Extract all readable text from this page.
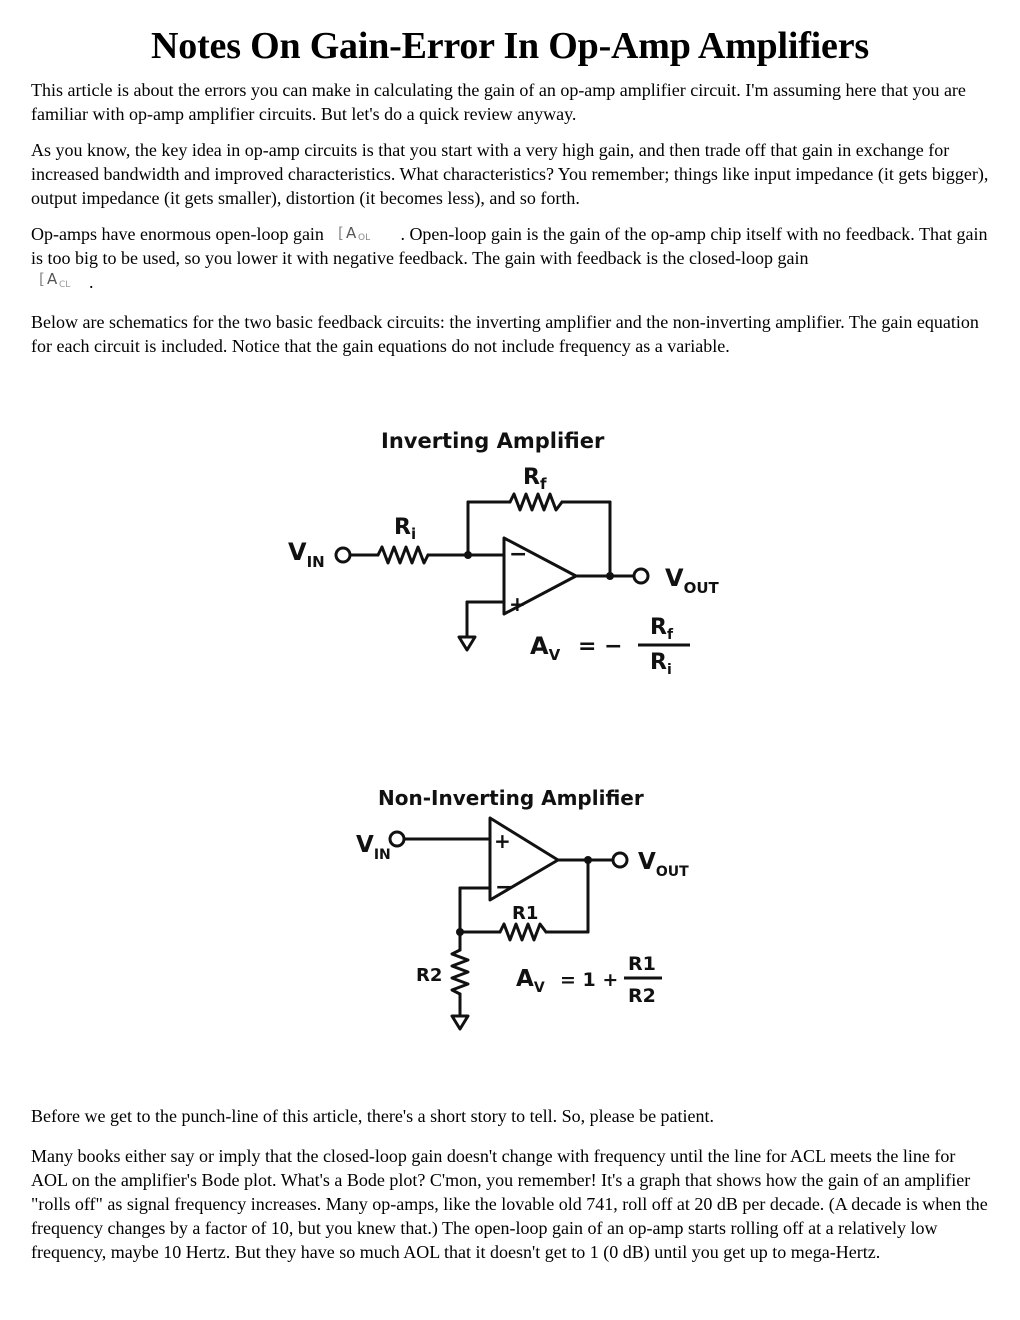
Notes On Gain-Error In Op-Amp Amplifiers

This article is about the errors you can make in calculating the gain of an op-amp amplifier circuit. I'm assuming here that you are familiar with op-amp amplifier circuits. But let's do a quick review anyway.

As you know, the key idea in op-amp circuits is that you start with a very high gain, and then trade off that gain in exchange for increased bandwidth and improved characteristics. What characteristics? You remember; things like input impedance (it gets bigger), output impedance (it gets smaller), distortion (it becomes less), and so forth.

Op-amps have enormous open-loop gain [ A OL . Open-loop gain is the gain of the op-amp chip itself with no feedback. That gain is too big to be used, so you lower it with negative feedback. The gain with feedback is the closed-loop gain

[ A CL .

Below are schematics for the two basic feedback circuits: the inverting amplifier and the non-inverting amplifier. The gain equation for each circuit is included. Notice that the gain equations do not include frequency as a variable.

Inverting Amplifier
$R_f$
$R_i$
$V_{IN}$	−
+
$V_{OUT}$
$A_V$ = −
$R_f$
$R_i$
Non-Inverting Amplifier
$V_{IN}$
+
−
$V_{OUT}$
R1
R2	$A_V = 1$ +
R1
R2

Before we get to the punch-line of this article, there's a short story to tell. So, please be patient.

Many books either say or imply that the closed-loop gain doesn't change with frequency until the line for ACL meets the line for AOL on the amplifier's Bode plot. What's a Bode plot? C'mon, you remember! It's a graph that shows how the gain of an amplifier "rolls off" as signal frequency increases. Many op-amps, like the lovable old 741, roll off at 20 dB per decade. (A decade is when the frequency changes by a factor of 10, but you knew that.) The open-loop gain of an op-amp starts rolling off at a relatively low frequency, maybe 10 Hertz. But they have so much AOL that it doesn't get to 1 (0 dB) until you get up to mega-Hertz.
